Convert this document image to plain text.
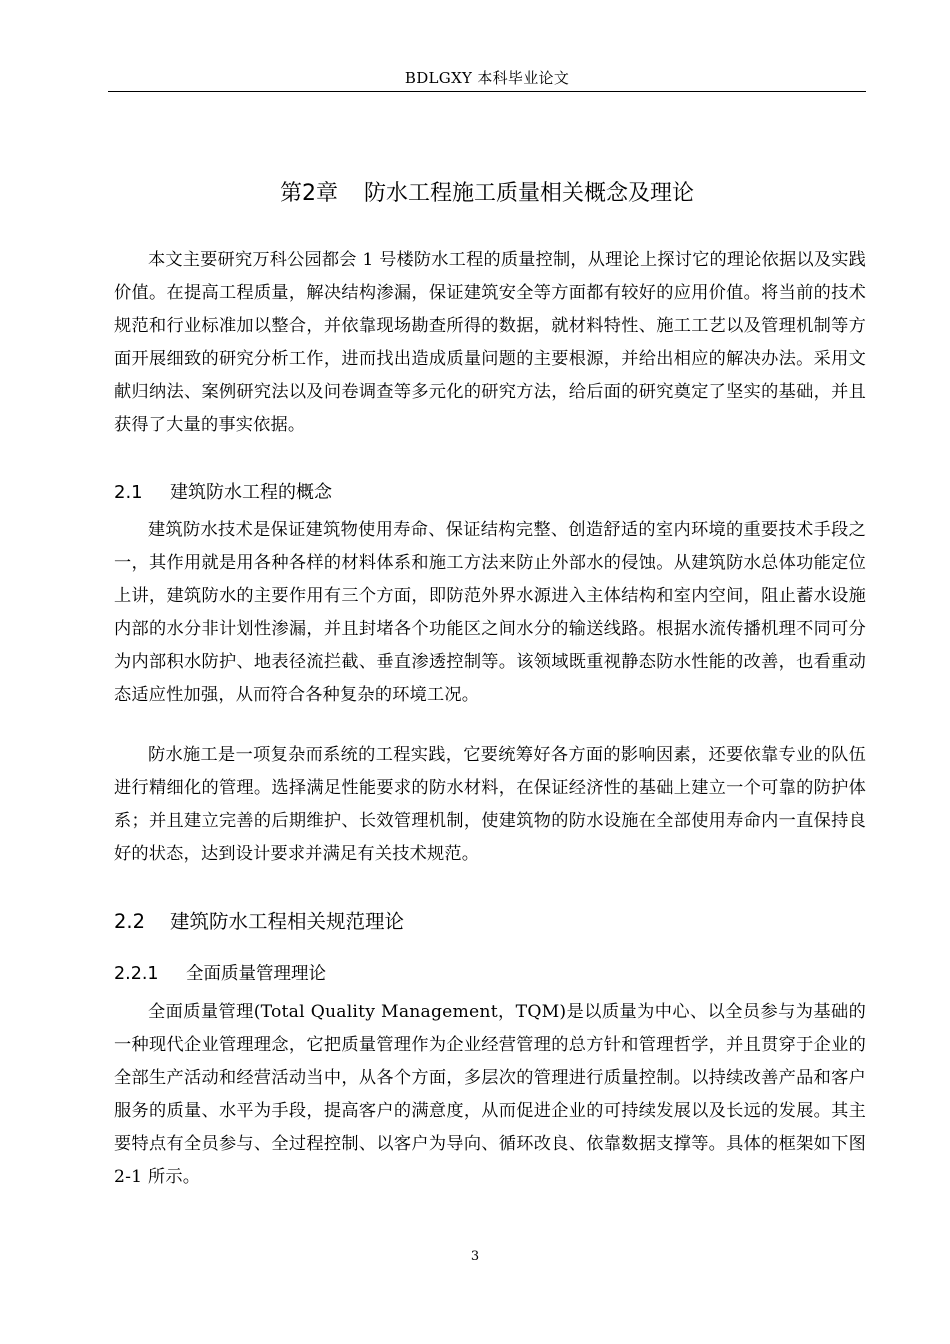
BDLGXY 本科毕业论文
第2章 防水工程施工质量相关概念及理论

本文主要研究万科公园都会 1 号楼防水工程的质量控制，从理论上探讨它的理论依据以及实践价值。在提高工程质量，解决结构渗漏，保证建筑安全等方面都有较好的应用价值。将当前的技术规范和行业标准加以整合，并依靠现场勘查所得的数据，就材料特性、施工工艺以及管理机制等方面开展细致的研究分析工作，进而找出造成质量问题的主要根源，并给出相应的解决办法。采用文献归纳法、案例研究法以及问卷调查等多元化的研究方法，给后面的研究奠定了坚实的基础，并且获得了大量的事实依据。

2.1 建筑防水工程的概念

建筑防水技术是保证建筑物使用寿命、保证结构完整、创造舒适的室内环境的重要技术手段之一，其作用就是用各种各样的材料体系和施工方法来防止外部水的侵蚀。从建筑防水总体功能定位上讲，建筑防水的主要作用有三个方面，即防范外界水源进入主体结构和室内空间，阻止蓄水设施内部的水分非计划性渗漏，并且封堵各个功能区之间水分的输送线路。根据水流传播机理不同可分为内部积水防护、地表径流拦截、垂直渗透控制等。该领域既重视静态防水性能的改善，也看重动态适应性加强，从而符合各种复杂的环境工况。

防水施工是一项复杂而系统的工程实践，它要统筹好各方面的影响因素，还要依靠专业的队伍进行精细化的管理。选择满足性能要求的防水材料，在保证经济性的基础上建立一个可靠的防护体系；并且建立完善的后期维护、长效管理机制，使建筑物的防水设施在全部使用寿命内一直保持良好的状态，达到设计要求并满足有关技术规范。

2.2 建筑防水工程相关规范理论
2.2.1 全面质量管理理论

全面质量管理(Total Quality Management，TQM)是以质量为中心、以全员参与为基础的一种现代企业管理理念，它把质量管理作为企业经营管理的总方针和管理哲学，并且贯穿于企业的全部生产活动和经营活动当中，从各个方面，多层次的管理进行质量控制。以持续改善产品和客户服务的质量、水平为手段，提高客户的满意度，从而促进企业的可持续发展以及长远的发展。其主要特点有全员参与、全过程控制、以客户为导向、循环改良、依靠数据支撑等。具体的框架如下图 2-1 所示。

3
